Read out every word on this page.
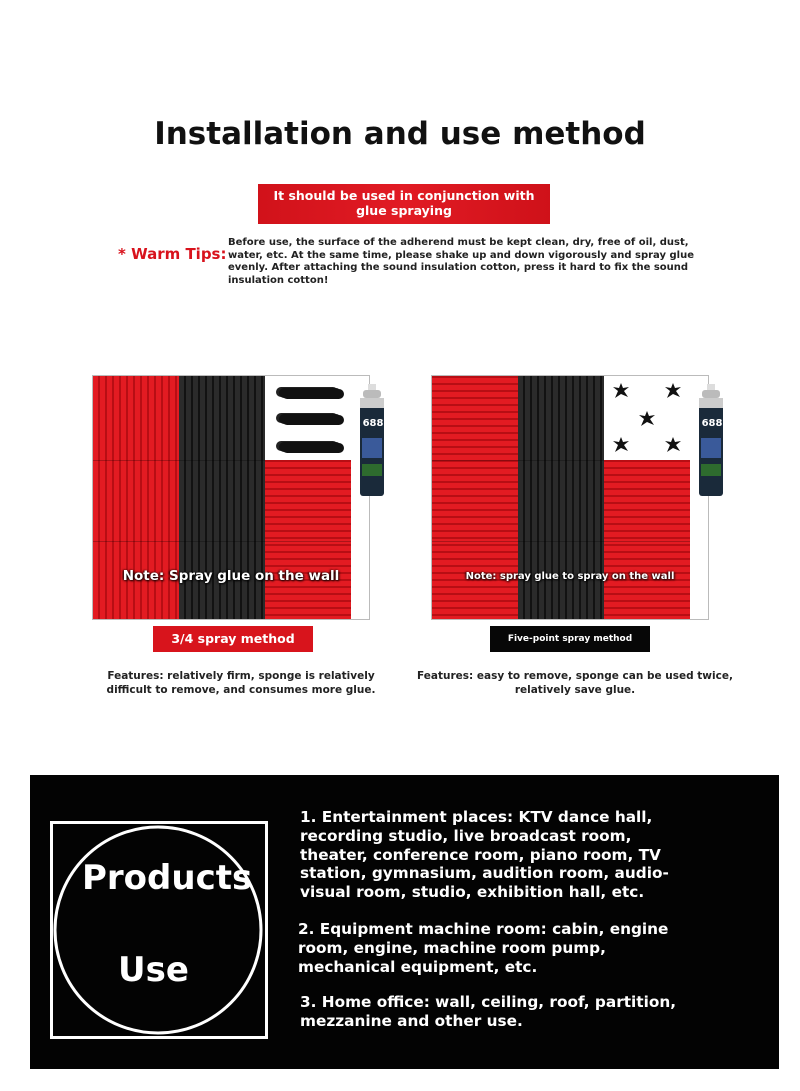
Installation and use method
It should be used in conjunction with glue spraying
* Warm Tips:
Before use, the surface of the adherend must be kept clean, dry, free of oil, dust, water, etc. At the same time, please shake up and down vigorously and spray glue evenly. After attaching the sound insulation cotton, press it hard to fix the sound insulation cotton!
Note: Spray glue on the wall
688
Note: spray glue to spray on the wall
688
3/4 spray method	Five-point spray method
Features: relatively firm, sponge is relatively difficult to remove, and consumes more glue.
Features: easy to remove, sponge can be used twice, relatively save glue.
Products
Use
1. Entertainment places: KTV dance hall, recording studio, live broadcast room, theater, conference room, piano room, TV station, gymnasium, audition room, audio-visual room, studio, exhibition hall, etc.
2. Equipment machine room: cabin, engine room, engine, machine room pump, mechanical equipment, etc.
3. Home office: wall, ceiling, roof, partition, mezzanine and other use.
